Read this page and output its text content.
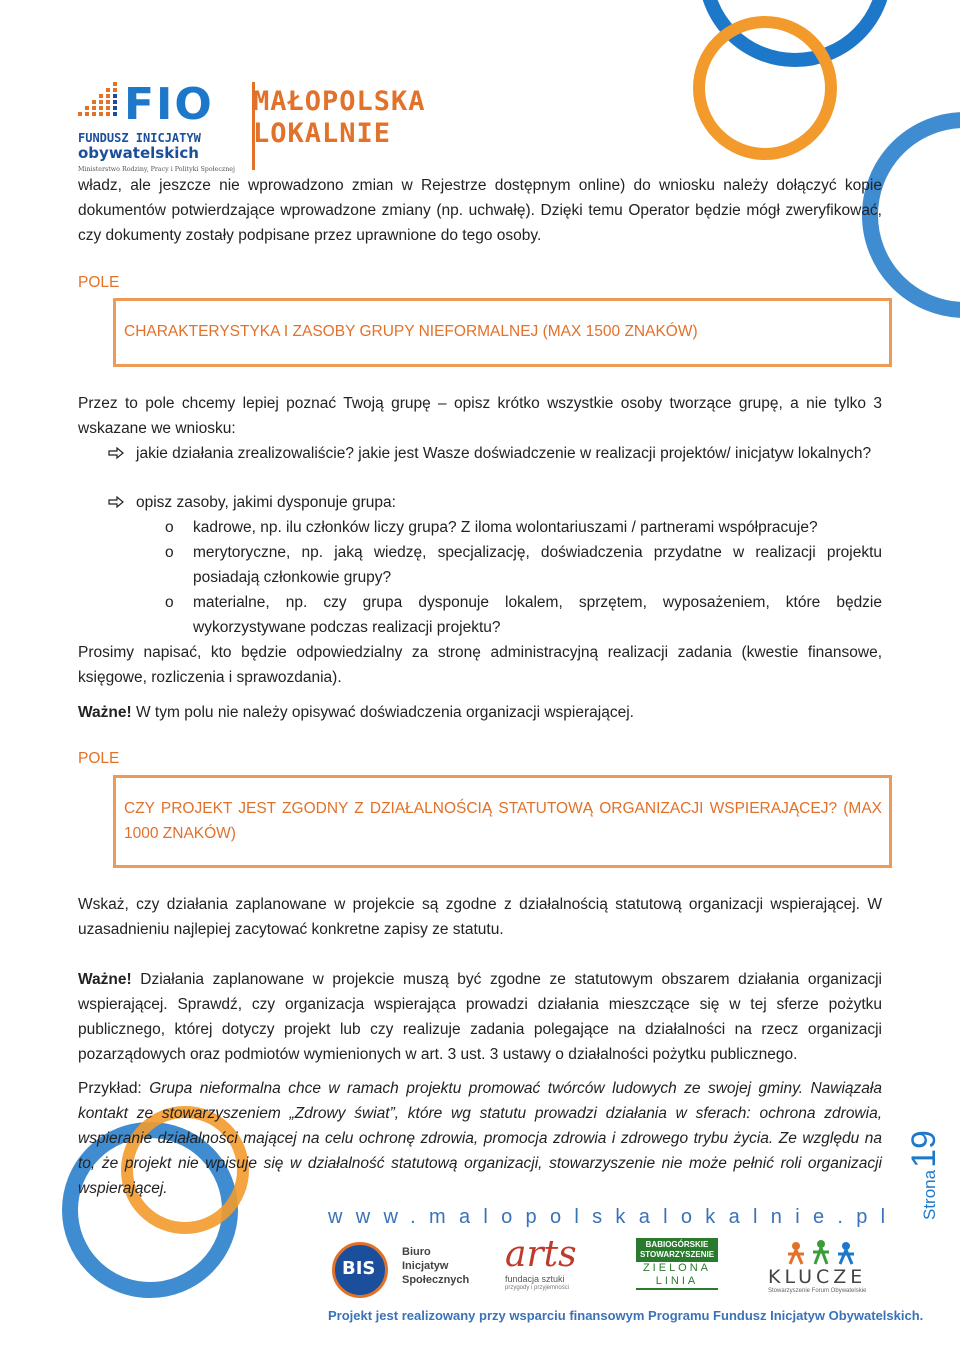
FIO
FUNDUSZ INICJATYW
obywatelskich
Ministerstwo Rodziny, Pracy i Polityki Społecznej
MAŁOPOLSKA
LOKALNIE
władz, ale jeszcze nie wprowadzono zmian w Rejestrze dostępnym online) do wniosku należy dołączyć kopie dokumentów potwierdzające wprowadzone zmiany (np. uchwałę). Dzięki temu Operator będzie mógł zweryfikować, czy dokumenty zostały podpisane przez uprawnione do tego osoby.
POLE
CHARAKTERYSTYKA I ZASOBY GRUPY NIEFORMALNEJ (MAX 1500 ZNAKÓW)
Przez to pole chcemy lepiej poznać Twoją grupę – opisz krótko wszystkie osoby tworzące grupę, a nie tylko 3 wskazane we wniosku:
jakie działania zrealizowaliście? jakie jest Wasze doświadczenie w realizacji projektów/ inicjatyw lokalnych?
opisz zasoby, jakimi dysponuje grupa:
o kadrowe, np. ilu członków liczy grupa? Z iloma wolontariuszami / partnerami współpracuje?
o merytoryczne, np. jaką wiedzę, specjalizację, doświadczenia przydatne w realizacji projektu posiadają członkowie grupy?
o materialne, np. czy grupa dysponuje lokalem, sprzętem, wyposażeniem, które będzie wykorzystywane podczas realizacji projektu?
Prosimy napisać, kto będzie odpowiedzialny za stronę administracyjną realizacji zadania (kwestie finansowe, księgowe, rozliczenia i sprawozdania).
Ważne! W tym polu nie należy opisywać doświadczenia organizacji wspierającej.
POLE
CZY PROJEKT JEST ZGODNY Z DZIAŁALNOŚCIĄ STATUTOWĄ ORGANIZACJI WSPIERAJĄCEJ? (MAX 1000 ZNAKÓW)
Wskaż, czy działania zaplanowane w projekcie są zgodne z działalnością statutową organizacji wspierającej. W uzasadnieniu najlepiej zacytować konkretne zapisy ze statutu.
Ważne! Działania zaplanowane w projekcie muszą być zgodne ze statutowym obszarem działania organizacji wspierającej. Sprawdź, czy organizacja wspierająca prowadzi działania mieszczące się w tej sferze pożytku publicznego, której dotyczy projekt lub czy realizuje zadania polegające na działalności na rzecz organizacji pozarządowych oraz podmiotów wymienionych w art. 3 ust. 3 ustawy o działalności pożytku publicznego.
Przykład: Grupa nieformalna chce w ramach projektu promować twórców ludowych ze swojej gminy. Nawiązała kontakt ze stowarzyszeniem „Zdrowy świat”, które wg statutu prowadzi działania w sferach: ochrona zdrowia, wspieranie działalności mającej na celu ochronę zdrowia, promocja zdrowia i zdrowego trybu życia. Ze względu na to, że projekt nie wpisuje się w działalność statutową organizacji, stowarzyszenie nie może pełnić roli organizacji wspierającej.	Strona19
www.malopolskalokalnie.pl
BIS
Biuro
Inicjatyw
Społecznych
arts
fundacja sztuki
przygody i przyjemności
BABIOGÓRSKIE
STOWARZYSZENIE
ZIELONA
LINIA	KLUCZE
Stowarzyszenie Forum Obywatelskie
Projekt jest realizowany przy wsparciu finansowym Programu Fundusz Inicjatyw Obywatelskich.
